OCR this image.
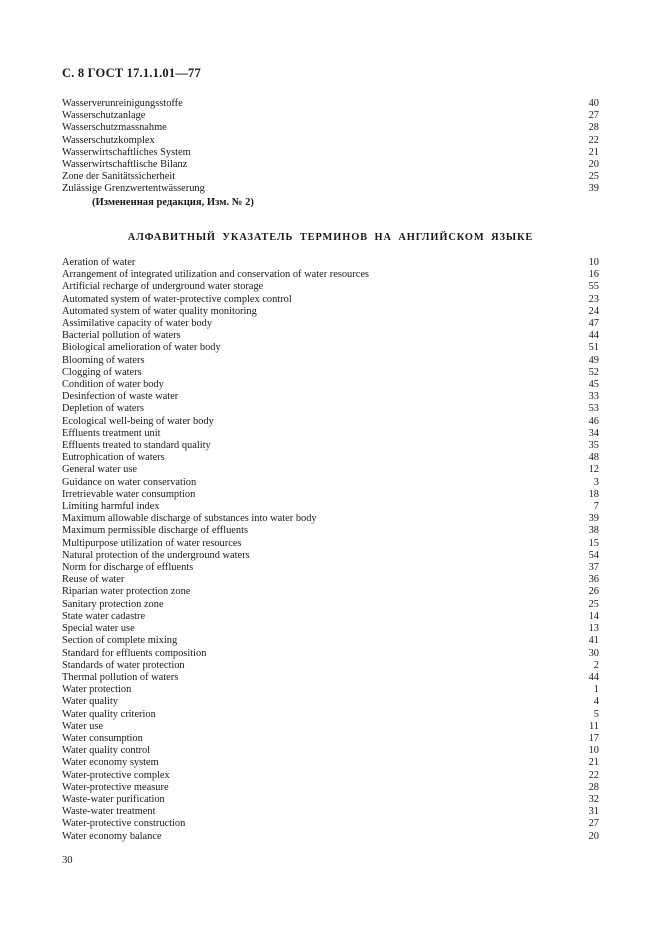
С. 8 ГОСТ 17.1.1.01—77
Wasserverunreinigungsstoffe	40
Wasserschutzanlage	27
Wasserschutzmassnahme	28
Wasserschutzkomplex	22
Wasserwirtschaftliches System	21
Wasserwirtschaftlische Bilanz	20
Zone der Sanitätssicherheit	25
Zulässige Grenzwertentwässerung	39
(Измененная редакция, Изм. № 2)
АЛФАВИТНЫЙ УКАЗАТЕЛЬ ТЕРМИНОВ НА АНГЛИЙСКОМ ЯЗЫКЕ
Aeration of water	10
Arrangement of integrated utilization and conservation of water resources	16
Artificial recharge of underground water storage	55
Automated system of water-protective complex control	23
Automated system of water quality monitoring	24
Assimilative capacity of water body	47
Bacterial pollution of waters	44
Biological amelioration of water body	51
Blooming of waters	49
Clogging of waters	52
Condition of water body	45
Desinfection of waste water	33
Depletion of waters	53
Ecological well-being of water body	46
Effluents treatment unit	34
Effluents treated to standard quality	35
Eutrophication of waters	48
General water use	12
Guidance on water conservation	3
Irretrievable water consumption	18
Limiting harmful index	7
Maximum allowable discharge of substances into water body	39
Maximum permissible discharge of effluents	38
Multipurpose utilization of water resources	15
Natural protection of the underground waters	54
Norm for discharge of effluents	37
Reuse of water	36
Riparian water protection zone	26
Sanitary protection zone	25
State water cadastre	14
Special water use	13
Section of complete mixing	41
Standard for effluents composition	30
Standards of water protection	2
Thermal pollution of waters	44
Water protection	1
Water quality	4
Water quality criterion	5
Water use	11
Water consumption	17
Water quality control	10
Water economy system	21
Water-protective complex	22
Water-protective measure	28
Waste-water purification	32
Waste-water treatment	31
Water-protective construction	27
Water economy balance	20
30
